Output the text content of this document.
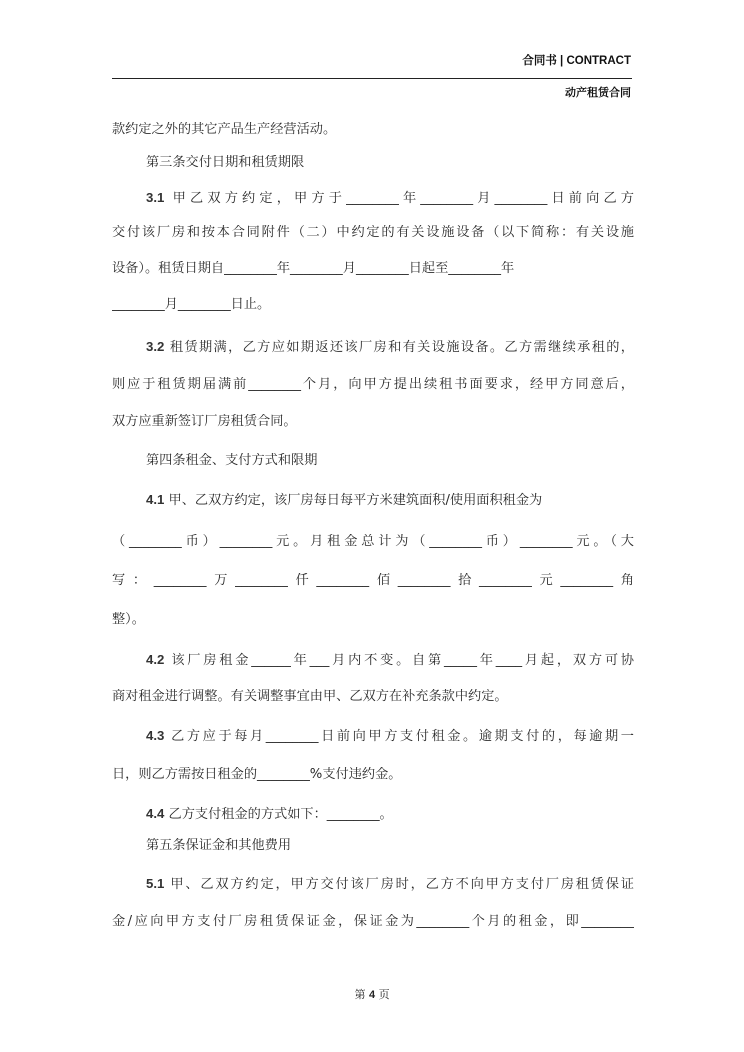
合同书 | CONTRACT
动产租赁合同
款约定之外的其它产品生产经营活动。
第三条交付日期和租赁期限
3.1 甲乙双方约定，甲方于________年________月________日前向乙方
交付该厂房和按本合同附件（二）中约定的有关设施设备（以下简称：有关设施
设备）。租赁日期自________年________月________日起至________年
________月________日止。
3.2 租赁期满，乙方应如期返还该厂房和有关设施设备。乙方需继续承租的，
则应于租赁期届满前________个月，向甲方提出续租书面要求，经甲方同意后，
双方应重新签订厂房租赁合同。
第四条租金、支付方式和限期
4.1 甲、乙双方约定，该厂房每日每平方米建筑面积/使用面积租金为
（________币）________元。月租金总计为（________币）________元。（大
写：________万________仟________佰________拾________元________角
整）。
4.2 该厂房租金______年___月内不变。自第_____年____月起，双方可协
商对租金进行调整。有关调整事宜由甲、乙双方在补充条款中约定。
4.3 乙方应于每月________日前向甲方支付租金。逾期支付的，每逾期一
日，则乙方需按日租金的________%支付违约金。
4.4 乙方支付租金的方式如下：________。
第五条保证金和其他费用
5.1 甲、乙双方约定，甲方交付该厂房时，乙方不向甲方支付厂房租赁保证
金/应向甲方支付厂房租赁保证金，保证金为________个月的租金，即________
第 4 页
